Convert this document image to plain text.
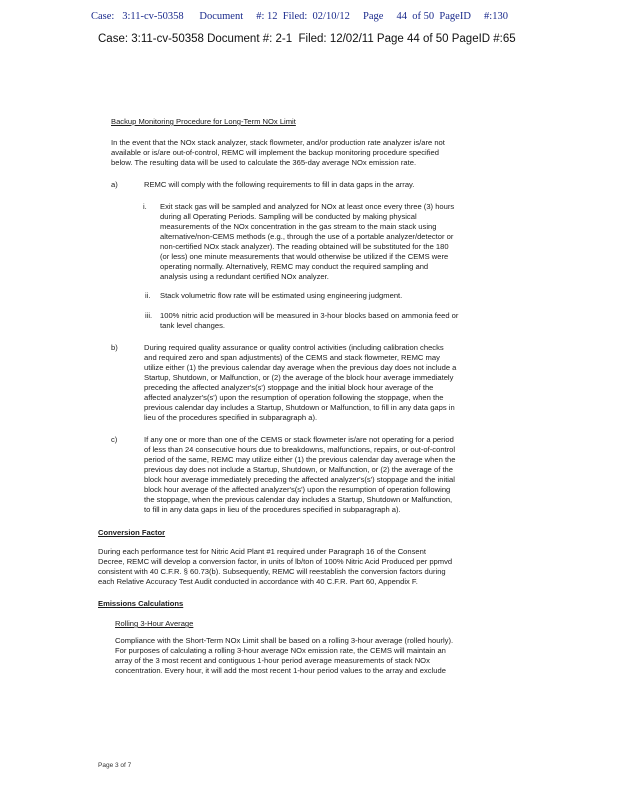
Case:   3:11-cv-50358      Document     #: 12  Filed:  02/10/12     Page     44  of 50  PageID     #:130
Case: 3:11-cv-50358 Document #: 2-1  Filed: 12/02/11 Page 44 of 50 PageID #:65
Backup Monitoring Procedure for Long-Term NOx Limit
In the event that the NOx stack analyzer, stack flowmeter, and/or production rate analyzer is/are not
available or is/are out-of-control, REMC will implement the backup monitoring procedure specified
below. The resulting data will be used to calculate the 365-day average NOx emission rate.
a)	REMC will comply with the following requirements to fill in data gaps in the array.
i. Exit stack gas will be sampled and analyzed for NOx at least once every three (3) hours
during all Operating Periods. Sampling will be conducted by making physical
measurements of the NOx concentration in the gas stream to the main stack using
alternative/non-CEMS methods (e.g., through the use of a portable analyzer/detector or
non-certified NOx stack analyzer). The reading obtained will be substituted for the 180
(or less) one minute measurements that would otherwise be utilized if the CEMS were
operating normally. Alternatively, REMC may conduct the required sampling and
analysis using a redundant certified NOx analyzer.
ii. Stack volumetric flow rate will be estimated using engineering judgment.
iii. 100% nitric acid production will be measured in 3-hour blocks based on ammonia feed or
tank level changes.
b)	During required quality assurance or quality control activities (including calibration checks
and required zero and span adjustments) of the CEMS and stack flowmeter, REMC may
utilize either (1) the previous calendar day average when the previous day does not include a
Startup, Shutdown, or Malfunction, or (2) the average of the block hour average immediately
preceding the affected analyzer's(s') stoppage and the initial block hour average of the
affected analyzer's(s') upon the resumption of operation following the stoppage, when the
previous calendar day includes a Startup, Shutdown or Malfunction, to fill in any data gaps in
lieu of the procedures specified in subparagraph a).
c)	If any one or more than one of the CEMS or stack flowmeter is/are not operating for a period
of less than 24 consecutive hours due to breakdowns, malfunctions, repairs, or out-of-control
period of the same, REMC may utilize either (1) the previous calendar day average when the
previous day does not include a Startup, Shutdown, or Malfunction, or (2) the average of the
block hour average immediately preceding the affected analyzer's(s') stoppage and the initial
block hour average of the affected analyzer's(s') upon the resumption of operation following
the stoppage, when the previous calendar day includes a Startup, Shutdown or Malfunction,
to fill in any data gaps in lieu of the procedures specified in subparagraph a).
Conversion Factor
During each performance test for Nitric Acid Plant #1 required under Paragraph 16 of the Consent
Decree, REMC will develop a conversion factor, in units of lb/ton of 100% Nitric Acid Produced per ppmvd
consistent with 40 C.F.R. § 60.73(b). Subsequently, REMC will reestablish the conversion factors during
each Relative Accuracy Test Audit conducted in accordance with 40 C.F.R. Part 60, Appendix F.
Emissions Calculations
Rolling 3-Hour Average
Compliance with the Short-Term NOx Limit shall be based on a rolling 3-hour average (rolled hourly).
For purposes of calculating a rolling 3-hour average NOx emission rate, the CEMS will maintain an
array of the 3 most recent and contiguous 1-hour period average measurements of stack NOx
concentration. Every hour, it will add the most recent 1-hour period values to the array and exclude
Page 3 of 7
